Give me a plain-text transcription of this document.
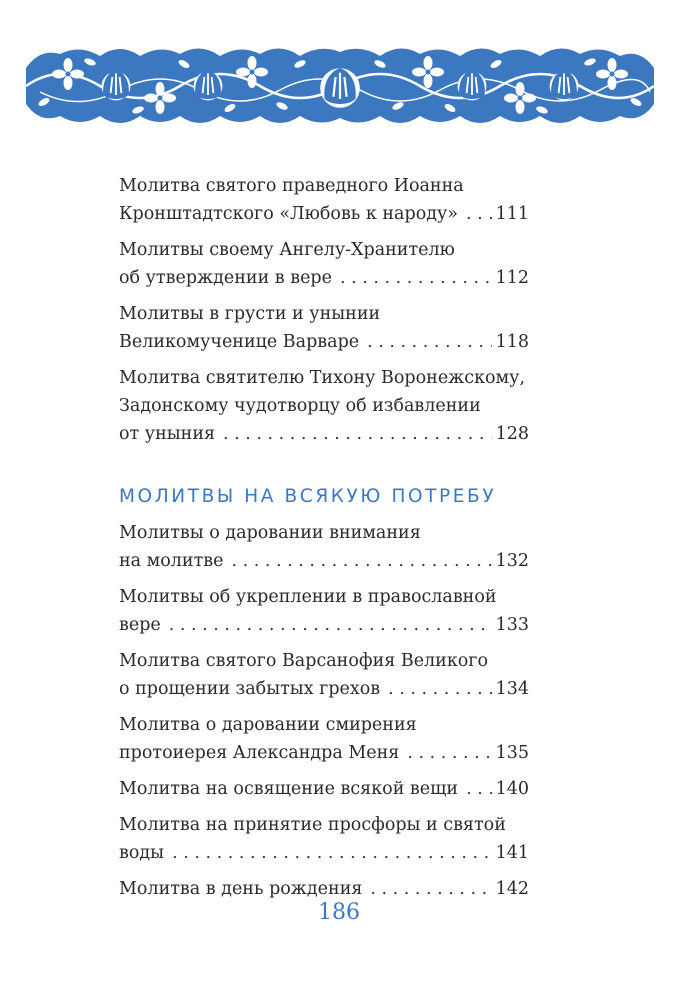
Молитва святого праведного Иоанна
Кронштадтского «Любовь к народу» . . . 111
Молитвы своему Ангелу-Хранителю
об утверждении в вере . . .	112
Молитвы в грусти и унынии
Великомученице Варваре . . .	118
Молитва святителю Тихону Воронежскому,
Задонскому чудотворцу об избавлении
от уныния . . .	128
МОЛИТВЫ НА ВСЯКУЮ ПОТРЕБУ
Молитвы о даровании внимания
на молитве . . .	132
Молитвы об укреплении в православной
вере . . .	133
Молитва святого Варсанофия Великого
о прощении забытых грехов . . .	134
Молитва о даровании смирения
протоиерея Александра Меня . . .	135
Молитва на освящение всякой вещи . . . 140
Молитва на принятие просфоры и святой
воды . . .	141
Молитва в день рождения . . .	142
186
